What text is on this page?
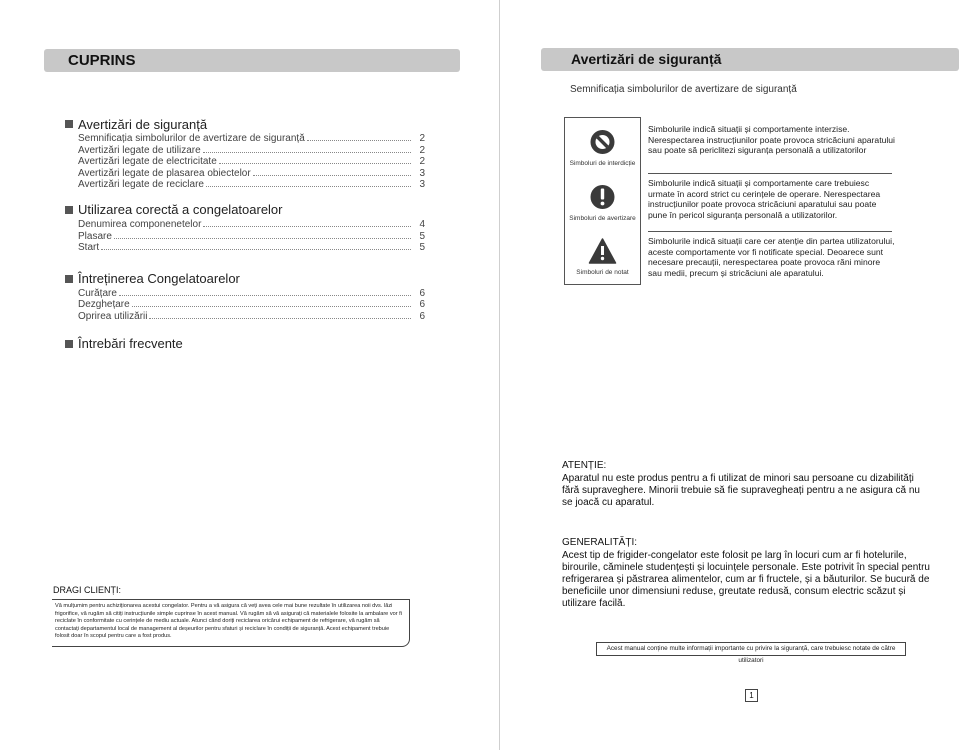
CUPRINS
Avertizări de siguranță
Semnificația simbolurilor de avertizare de siguranță	2
Avertizări legate de utilizare	2
Avertizări legate de electricitate	2
Avertizări legate de plasarea obiectelor	3
Avertizări legate de reciclare	3
Utilizarea corectă a congelatoarelor
Denumirea componenetelor	4
Plasare	5
Start	5
Întreținerea Congelatoarelor
Curățare	6
Dezghețare	6
Oprirea utilizării	6
Întrebări frecvente
DRAGI CLIENȚI:
Vă mulțumim pentru achiziționarea acestui congelator. Pentru a vă asigura că veți avea cele mai bune rezultate în utilizarea noii dvs. lăzi frigorifice, vă rugăm să citiți instrucțiunile simple cuprinse în acest manual. Vă rugăm să vă asigurați că materialele folosite la ambalare vor fi reciclate în conformitate cu cerințele de mediu actuale. Atunci când doriți reciclarea oricărui echipament de refrigerare, vă rugăm să contactați departamentul local de management al deșeurilor pentru sfaturi și reciclare în condiții de siguranță. Acest echipament trebuie folosit doar în scopul pentru care a fost produs.
Avertizări de siguranță
Semnificația simbolurilor de avertizare de siguranță
Simboluri de interdicție
Simboluri de avertizare
Simboluri de notat
Simbolurile indică situații și comportamente interzise. Nerespectarea instrucțiunilor poate provoca stricăciuni aparatului sau poate să periclitezi siguranța personală a utilizatorilor
Simbolurile indică situații și comportamente care trebuiesc urmate în acord strict cu cerințele de operare. Nerespectarea instrucțiunilor poate provoca stricăciuni aparatului sau poate pune în pericol siguranța personală a utilizatorilor.
Simbolurile indică situații care cer atenție din partea utilizatorului, aceste comportamente vor fi notificate special. Deoarece sunt necesare precauții, nerespectarea poate provoca răni minore sau medii, precum și stricăciuni ale aparatului.
ATENȚIE:
Aparatul nu este produs pentru a fi utilizat de minori sau persoane cu dizabilități fără supraveghere. Minorii trebuie să fie supravegheați pentru a ne asigura că nu se joacă cu aparatul.
GENERALITĂȚI:
Acest tip de frigider-congelator este folosit pe larg în locuri cum ar fi hotelurile, birourile, căminele studențești și locuințele personale. Este potrivit în special pentru refrigerarea și păstrarea alimentelor, cum ar fi fructele, și a băuturilor. Se bucură de beneficiile unor dimensiuni reduse, greutate redusă, consum electric scăzut și utilizare facilă.
Acest manual conține multe informații importante cu privire la siguranță, care trebuiesc notate de către utilizatori
1
